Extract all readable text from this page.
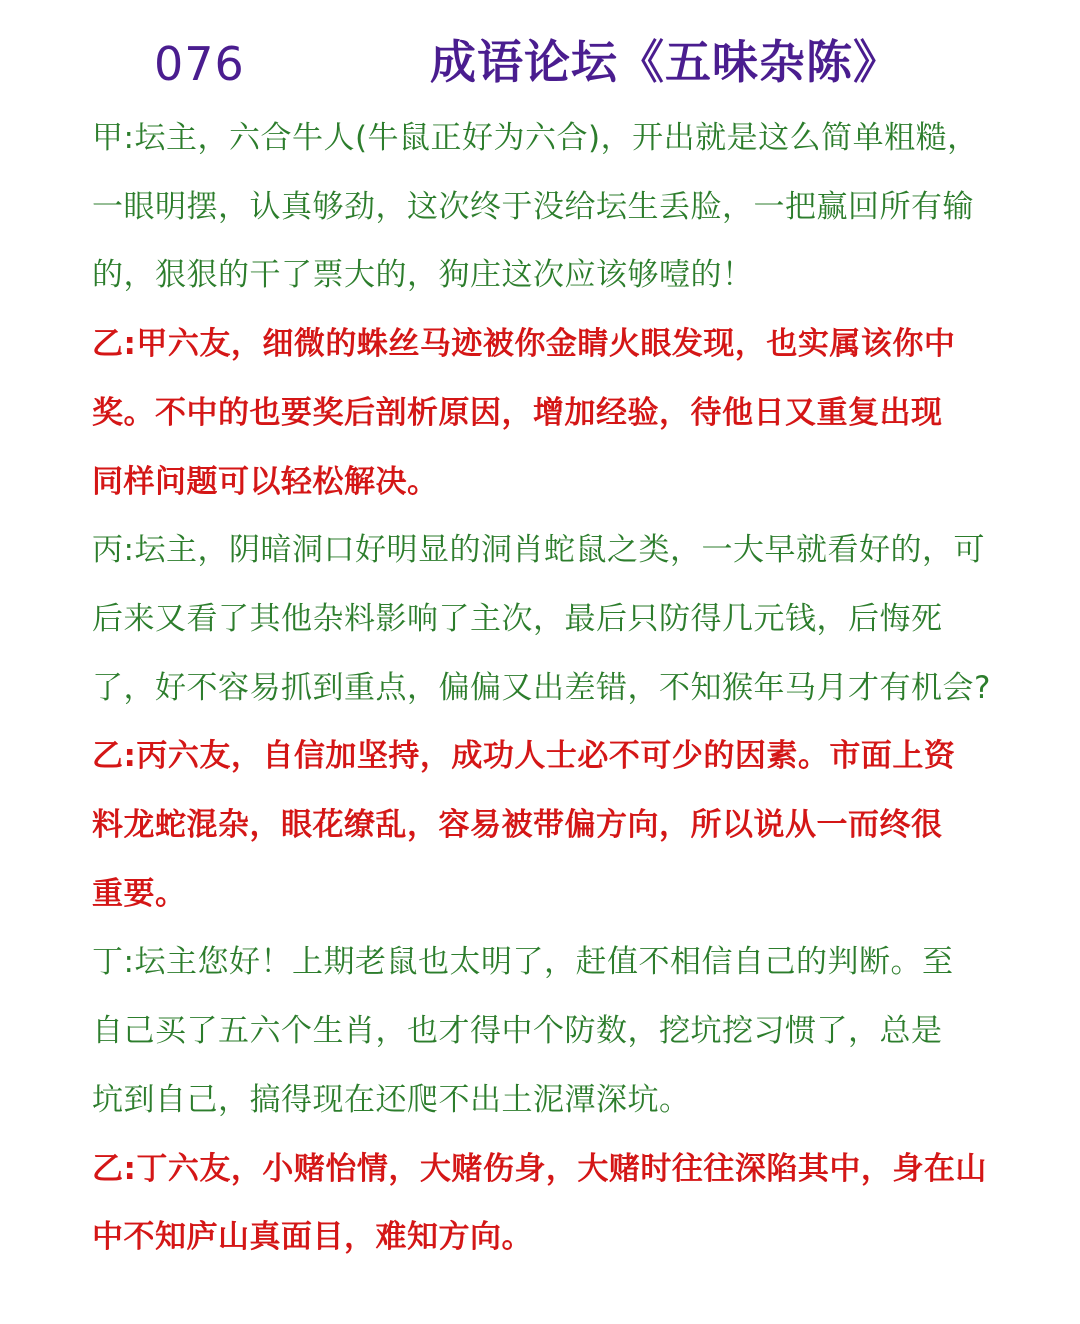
076	成语论坛《五味杂陈》

甲:坛主，六合牛人(牛鼠正好为六合)，开出就是这么简单粗糙，一眼明摆，认真够劲，这次终于没给坛生丢脸，一把赢回所有输的，狠狠的干了票大的，狗庄这次应该够噎的！

乙:甲六友，细微的蛛丝马迹被你金睛火眼发现，也实属该你中奖。不中的也要奖后剖析原因，增加经验，待他日又重复出现同样问题可以轻松解决。

丙:坛主，阴暗洞口好明显的洞肖蛇鼠之类，一大早就看好的，可后来又看了其他杂料影响了主次，最后只防得几元钱，后悔死了，好不容易抓到重点，偏偏又出差错，不知猴年马月才有机会?

乙:丙六友，自信加坚持，成功人士必不可少的因素。市面上资料龙蛇混杂，眼花缭乱，容易被带偏方向，所以说从一而终很重要。

丁:坛主您好！上期老鼠也太明了，赶值不相信自己的判断。至自己买了五六个生肖，也才得中个防数，挖坑挖习惯了，总是坑到自己，搞得现在还爬不出土泥潭深坑。

乙:丁六友，小赌怡情，大赌伤身，大赌时往往深陷其中，身在山中不知庐山真面目，难知方向。
